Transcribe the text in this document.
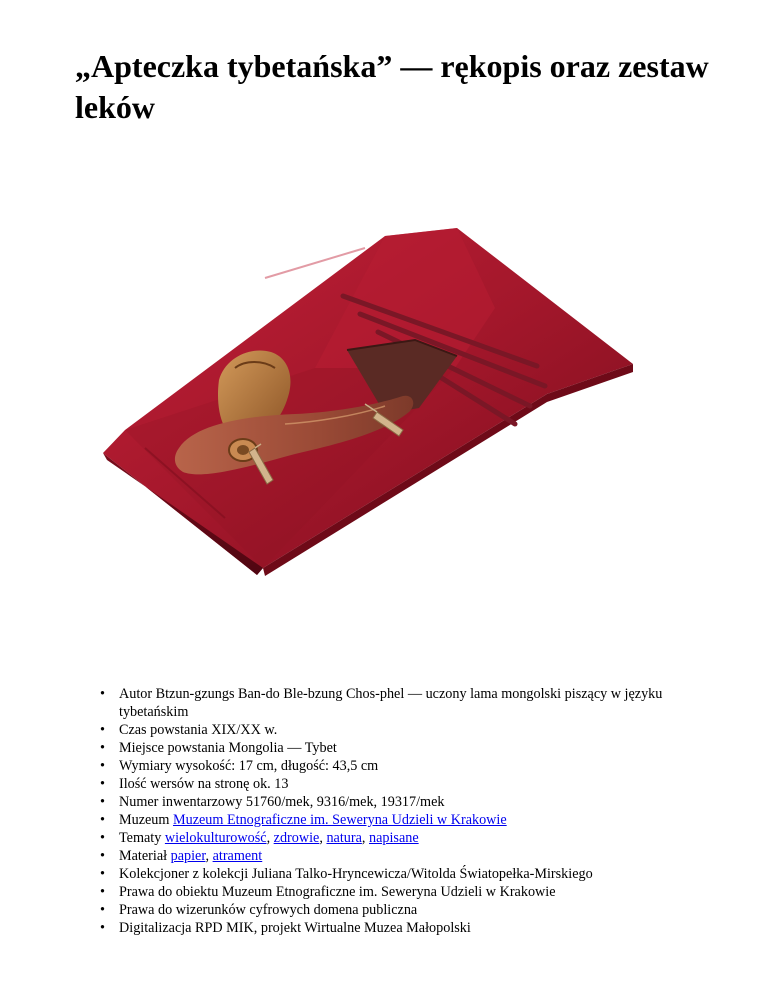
„Apteczka tybetańska” — rękopis oraz zestaw leków
• Autor Btzun-gzungs Ban-do Ble-bzung Chos-phel — uczony lama mongolski piszący w języku tybetańskim
• Czas powstania XIX/XX w.
• Miejsce powstania Mongolia — Tybet
• Wymiary wysokość: 17 cm, długość: 43,5 cm
• Ilość wersów na stronę ok. 13
• Numer inwentarzowy 51760/mek, 9316/mek, 19317/mek
• Muzeum Muzeum Etnograficzne im. Seweryna Udzieli w Krakowie
• Tematy wielokulturowość, zdrowie, natura, napisane
• Materiał papier, atrament
• Kolekcjoner z kolekcji Juliana Talko-Hryncewicza/Witolda Światopełka-Mirskiego
• Prawa do obiektu Muzeum Etnograficzne im. Seweryna Udzieli w Krakowie
• Prawa do wizerunków cyfrowych domena publiczna
• Digitalizacja RPD MIK, projekt Wirtualne Muzea Małopolski
